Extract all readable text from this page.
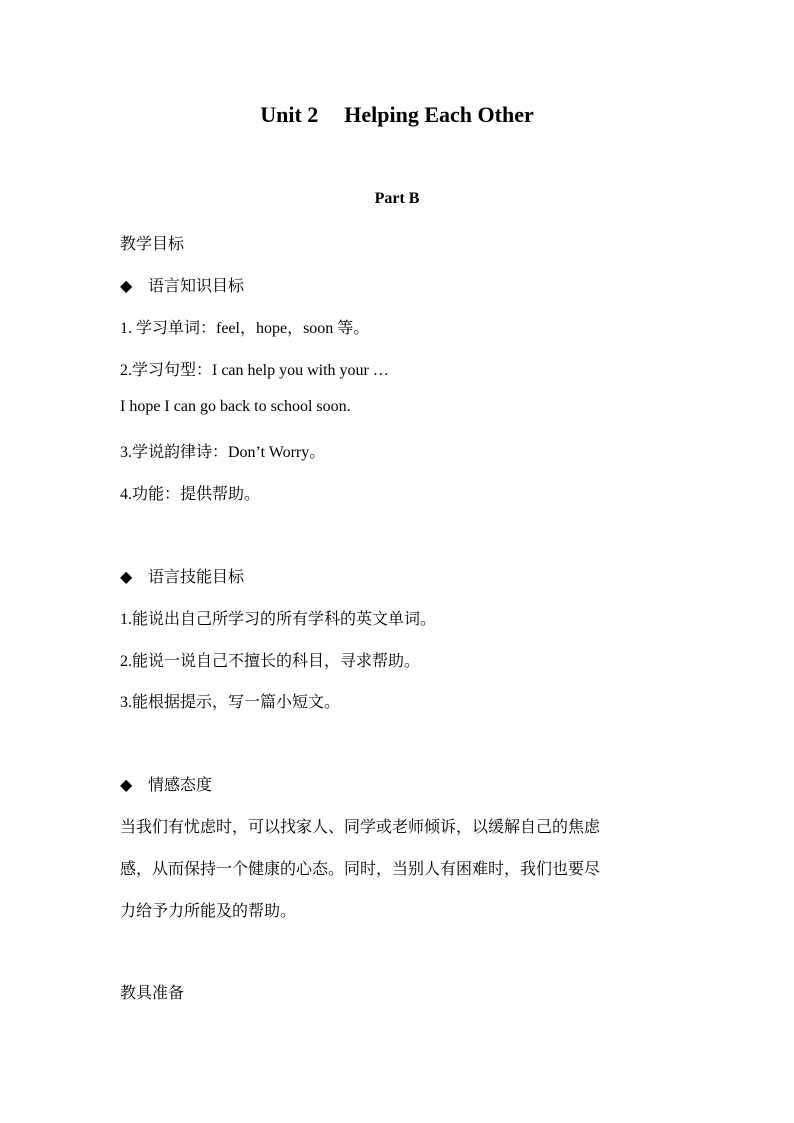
Unit 2 Helping Each Other
Part B
教学目标
◆ 语言知识目标
1. 学习单词：feel，hope，soon 等。
2.学习句型：I can help you with your …
I hope I can go back to school soon.
3.学说韵律诗：Don’t Worry。
4.功能：提供帮助。
◆ 语言技能目标
1.能说出自己所学习的所有学科的英文单词。
2.能说一说自己不擅长的科目，寻求帮助。
3.能根据提示，写一篇小短文。
◆ 情感态度
当我们有忧虑时，可以找家人、同学或老师倾诉，以缓解自己的焦虑
感，从而保持一个健康的心态。同时，当别人有困难时，我们也要尽
力给予力所能及的帮助。
教具准备
